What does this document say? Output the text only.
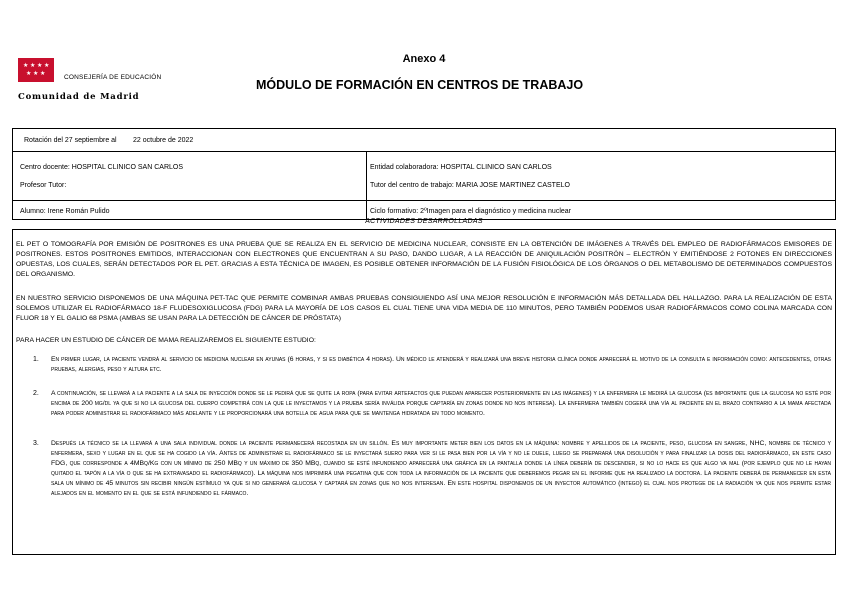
★ ★ ★ ★
★ ★ ★	CONSEJERÍA DE EDUCACIÓN
Comunidad de Madrid
Anexo 4
MÓDULO DE FORMACIÓN EN CENTROS DE TRABAJO
Rotación del 27 septiembre al 22 octubre de 2022
Centro docente: HOSPITAL CLINICO SAN CARLOS	Entidad colaboradora: HOSPITAL CLINICO SAN CARLOS
Profesor Tutor:	Tutor del centro de trabajo: MARIA JOSE MARTINEZ CASTELO
Alumno: Irene Román Pulido	Ciclo formativo: 2ºImagen para el diagnóstico y medicina nuclear
ACTIVIDADES DESARROLLADAS
EL PET O TOMOGRAFÍA POR EMISIÓN DE POSITRONES ES UNA PRUEBA QUE SE REALIZA EN EL SERVICIO DE MEDICINA NUCLEAR, CONSISTE EN LA OBTENCIÓN DE IMÁGENES A TRAVÉS DEL EMPLEO DE RADIOFÁRMACOS EMISORES DE POSITRONES. ESTOS POSITRONES EMITIDOS, INTERACCIONAN CON ELECTRONES QUE ENCUENTRAN A SU PASO, DANDO LUGAR, A LA REACCIÓN DE ANIQUILACIÓN POSITRÓN – ELECTRÓN Y EMITIÉNDOSE 2 FOTONES EN DIRECCIONES OPUESTAS, LOS CUALES, SERÁN DETECTADOS POR EL PET. GRACIAS A ESTA TÉCNICA DE IMAGEN, ES POSIBLE OBTENER INFORMACIÓN DE LA FUSIÓN FISIOLÓGICA DE LOS ÓRGANOS O DEL METABOLISMO DE DETERMINADOS COMPUESTOS DEL ORGANISMO.
EN NUESTRO SERVICIO DISPONEMOS DE UNA MÁQUINA PET-TAC QUE PERMITE COMBINAR AMBAS PRUEBAS CONSIGUIENDO ASÍ UNA MEJOR RESOLUCIÓN E INFORMACIÓN MÁS DETALLADA DEL HALLAZGO. PARA LA REALIZACIÓN DE ESTA SOLEMOS UTILIZAR EL RADIOFÁRMACO 18-F FLUDESOXIGLUCOSA (FDG) PARA LA MAYORÍA DE LOS CASOS EL CUAL TIENE UNA VIDA MEDIA DE 110 MINUTOS, PERO TAMBIÉN PODEMOS USAR RADIOFÁRMACOS COMO COLINA MARCADA CON FLUOR 18 Y EL GALIO 68 PSMA (AMBAS SE USAN PARA LA DETECCIÓN DE CÁNCER DE PRÓSTATA)
PARA HACER UN ESTUDIO DE CÁNCER DE MAMA REALIZAREMOS EL SIGUIENTE ESTUDIO:
1. En primer lugar, la paciente vendrá al servicio de medicina nuclear en ayunas (6 horas, y si es diabética 4 horas). Un médico le atenderá y realizará una breve historia clínica donde aparecerá el motivo de la consulta e información como: antecedentes, otras pruebas, alergias, peso y altura etc.
2. A continuación, se llevará a la paciente a la sala de inyección donde se le pedirá que se quite la ropa (para evitar artefactos que puedan aparecer posteriormente en las imágenes) y la enfermera le medirá la glucosa (es importante que la glucosa no esté por encima de 200 mg/dl ya que si no la glucosa del cuerpo competirá con la que le inyectamos y la prueba sería inválida porque captaría en zonas donde no nos interesa). La enfermera también cogerá una vía al paciente en el brazo contrario a la mama afectada para poder administrar el radiofármaco más adelante y le proporcionará una botella de agua para que se mantenga hidratada en todo momento.
3. Después la técnico se la llevará a una sala individual donde la paciente permanecerá recostada en un sillón. Es muy importante meter bien los datos en la máquina: nombre y apellidos de la paciente, peso, glucosa en sangre, NHC, nombre de técnico y enfermera, sexo y lugar en el que se ha cogido la vía. Antes de administrar el radiofármaco se le inyectará suero para ver si le pasa bien por la vía y no le duele, luego se preparará una disolución y para finalizar la dosis del radiofármaco, en este caso FDG, que corresponde a 4MBq/Kg con un mínimo de 250 MBq y un máximo de 350 MBq, cuando se esté infundiendo aparecerá una gráfica en la pantalla donde la línea debería de descender, si no lo hace es que algo va mal (por ejemplo que no le hayan quitado el tapón a la vía o que se ha extravasado el radiofármaco). La máquina nos imprimirá una pegatina que con toda la información de la paciente que deberemos pegar en el informe que ha realizado la doctora. La paciente deberá de permanecer en esta sala un mínimo de 45 minutos sin recibir ningún estímulo ya que si no generará glucosa y captará en zonas que no nos interesan. En este hospital disponemos de un inyector automático (intego) el cual nos protege de la radiación ya que nos permite estar alejados en el momento en el que se está infundiendo el fármaco.
